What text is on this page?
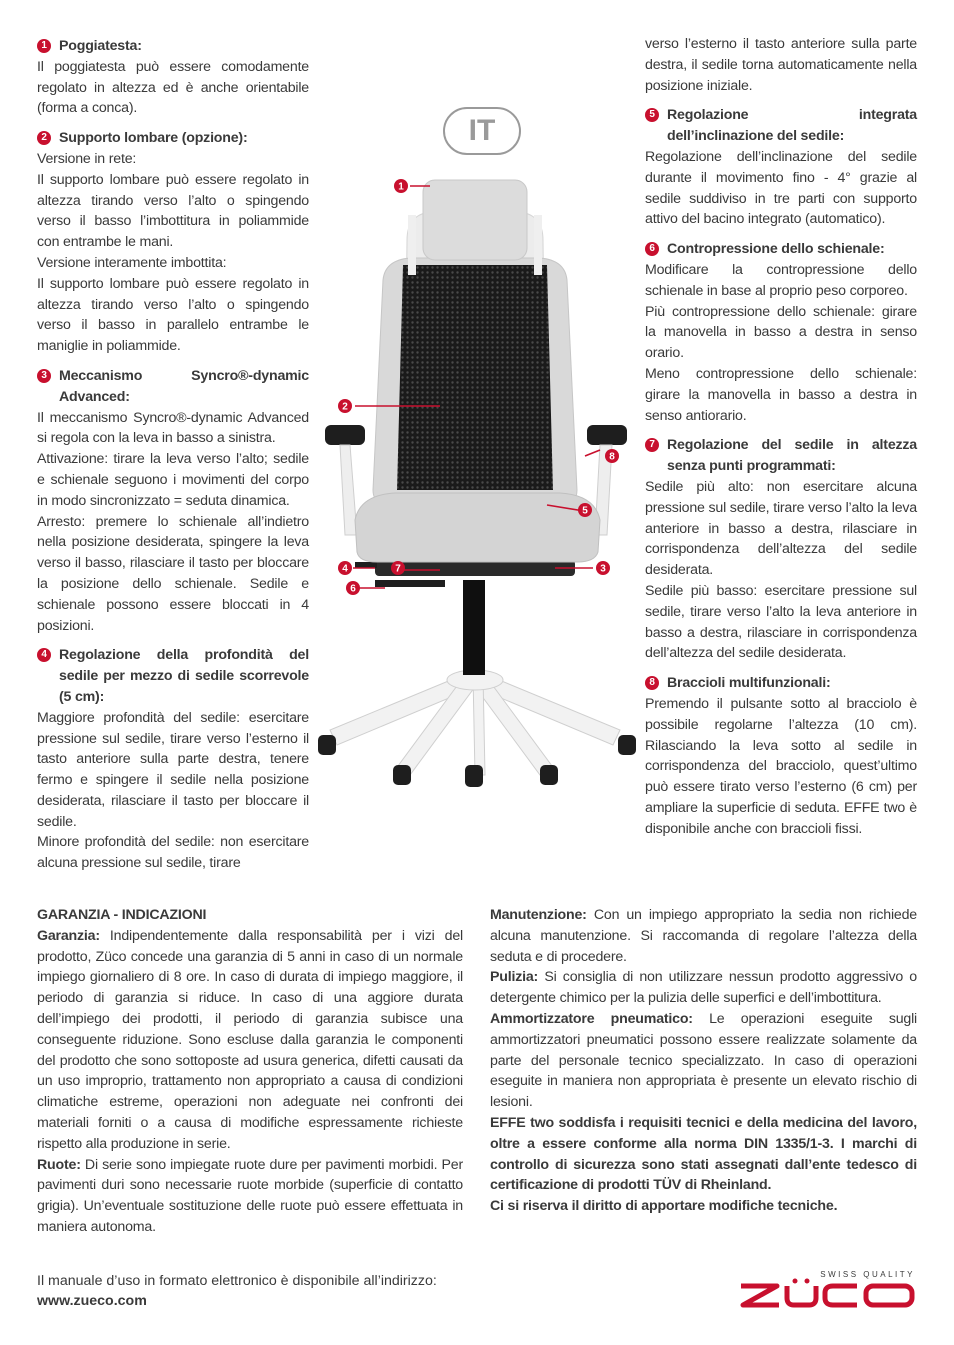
1 Poggiatesta:

Il poggiatesta può essere comodamente regolato in altezza ed è anche orientabile (forma a conca).

2 Supporto lombare (opzione):

Versione in rete:
Il supporto lombare può essere regolato in altezza tirando verso l’alto o spingendo verso il basso l’imbottitura in poliammide con entrambe le mani.
Versione interamente imbottita:
Il supporto lombare può essere regolato in altezza tirando verso l’alto o spingendo verso il basso in parallelo entrambe le maniglie in poliammide.

3 Meccanismo Syncro®-dynamic Advanced:

Il meccanismo Syncro®-dynamic Advanced si regola con la leva in basso a sinistra.
Attivazione: tirare la leva verso l’alto; sedile e schienale seguono i movimenti del corpo in modo sincronizzato = seduta dinamica.
Arresto: premere lo schienale all’indietro nella posizione desiderata, spingere la leva verso il basso, rilasciare il tasto per bloccare la posizione dello schienale. Sedile e schienale possono essere bloccati in 4 posizioni.

4 Regolazione della profondità del sedile per mezzo di sedile scorrevole (5 cm):

Maggiore profondità del sedile: esercitare pressione sul sedile, tirare verso l’esterno il tasto anteriore sulla parte destra, tenere fermo e spingere il sedile nella posizione desiderata, rilasciare il tasto per bloccare il sedile.
Minore profondità del sedile: non esercitare alcuna pressione sul sedile, tirare

IT
1
2
3
4
5
6
7
8

verso l’esterno il tasto anteriore sulla parte destra, il sedile torna automaticamente nella posizione iniziale.

5 Regolazione integrata dell’inclinazione del sedile:

Regolazione dell’inclinazione del sedile durante il movimento fino - 4° grazie al sedile suddiviso in tre parti con supporto attivo del bacino integrato (automatico).

6 Contropressione dello schienale:

Modificare la contropressione dello schienale in base al proprio peso corporeo.
Più contropressione dello schienale: girare la manovella in basso a destra in senso orario.
Meno contropressione dello schienale: girare la manovella in basso a destra in senso antiorario.

7 Regolazione del sedile in altezza senza punti programmati:

Sedile più alto: non esercitare alcuna pressione sul sedile, tirare verso l’alto la leva anteriore in basso a destra, rilasciare in corrispondenza dell’altezza del sedile desiderata.
Sedile più basso: esercitare pressione sul sedile, tirare verso l’alto la leva anteriore in basso a destra, rilasciare in corrispondenza dell’altezza del sedile desiderata.

8 Braccioli multifunzionali:

Premendo il pulsante sotto al bracciolo è possibile regolarne l’altezza (10 cm). Rilasciando la leva sotto al sedile in corrispondenza del bracciolo, quest’ultimo può essere tirato verso l’esterno (6 cm) per ampliare la superficie di seduta. EFFE two è disponibile anche con braccioli fissi.

GARANZIA - INDICAZIONI

Garanzia: Indipendentemente dalla responsabilità per i vizi del prodotto, Züco concede una garanzia di 5 anni in caso di un normale impiego giornaliero di 8 ore. In caso di durata di impiego maggiore, il periodo di garanzia si riduce. In caso di una aggiore durata dell’impiego dei prodotti, il periodo di garanzia subisce una conseguente riduzione. Sono escluse dalla garanzia le componenti del prodotto che sono sottoposte ad usura generica, difetti causati da un uso improprio, trattamento non appropriato a causa di condizioni climatiche estreme, operazioni non adeguate nei confronti dei materiali forniti o a causa di modifiche espressamente richieste rispetto alla produzione in serie.

Ruote: Di serie sono impiegate ruote dure per pavimenti morbidi. Per pavimenti duri sono necessarie ruote morbide (superficie di contatto grigia). Un’eventuale sostituzione delle ruote può essere effettuata in maniera autonoma.

Manutenzione: Con un impiego appropriato la sedia non richiede alcuna manutenzione. Si raccomanda di regolare l’altezza della seduta e di procedere.

Pulizia: Si consiglia di non utilizzare nessun prodotto aggressivo o detergente chimico per la pulizia delle superfici e dell’imbottitura.

Ammortizzatore pneumatico: Le operazioni eseguite sugli ammortizzatori pneumatici possono essere realizzate solamente da parte del personale tecnico specializzato. In caso di operazioni eseguite in maniera non appropriata è presente un elevato rischio di lesioni.

EFFE two soddisfa i requisiti tecnici e della medicina del lavoro, oltre a essere conforme alla norma DIN 1335/1-3. I marchi di controllo di sicurezza sono stati assegnati dall’ente tedesco di certificazione di prodotti TÜV di Rheinland.

Ci si riserva il diritto di apportare modifiche tecniche.

Il manuale d’uso in formato elettronico è disponibile all’indirizzo:
www.zueco.com
SWISS QUALITY
ZÜCO
